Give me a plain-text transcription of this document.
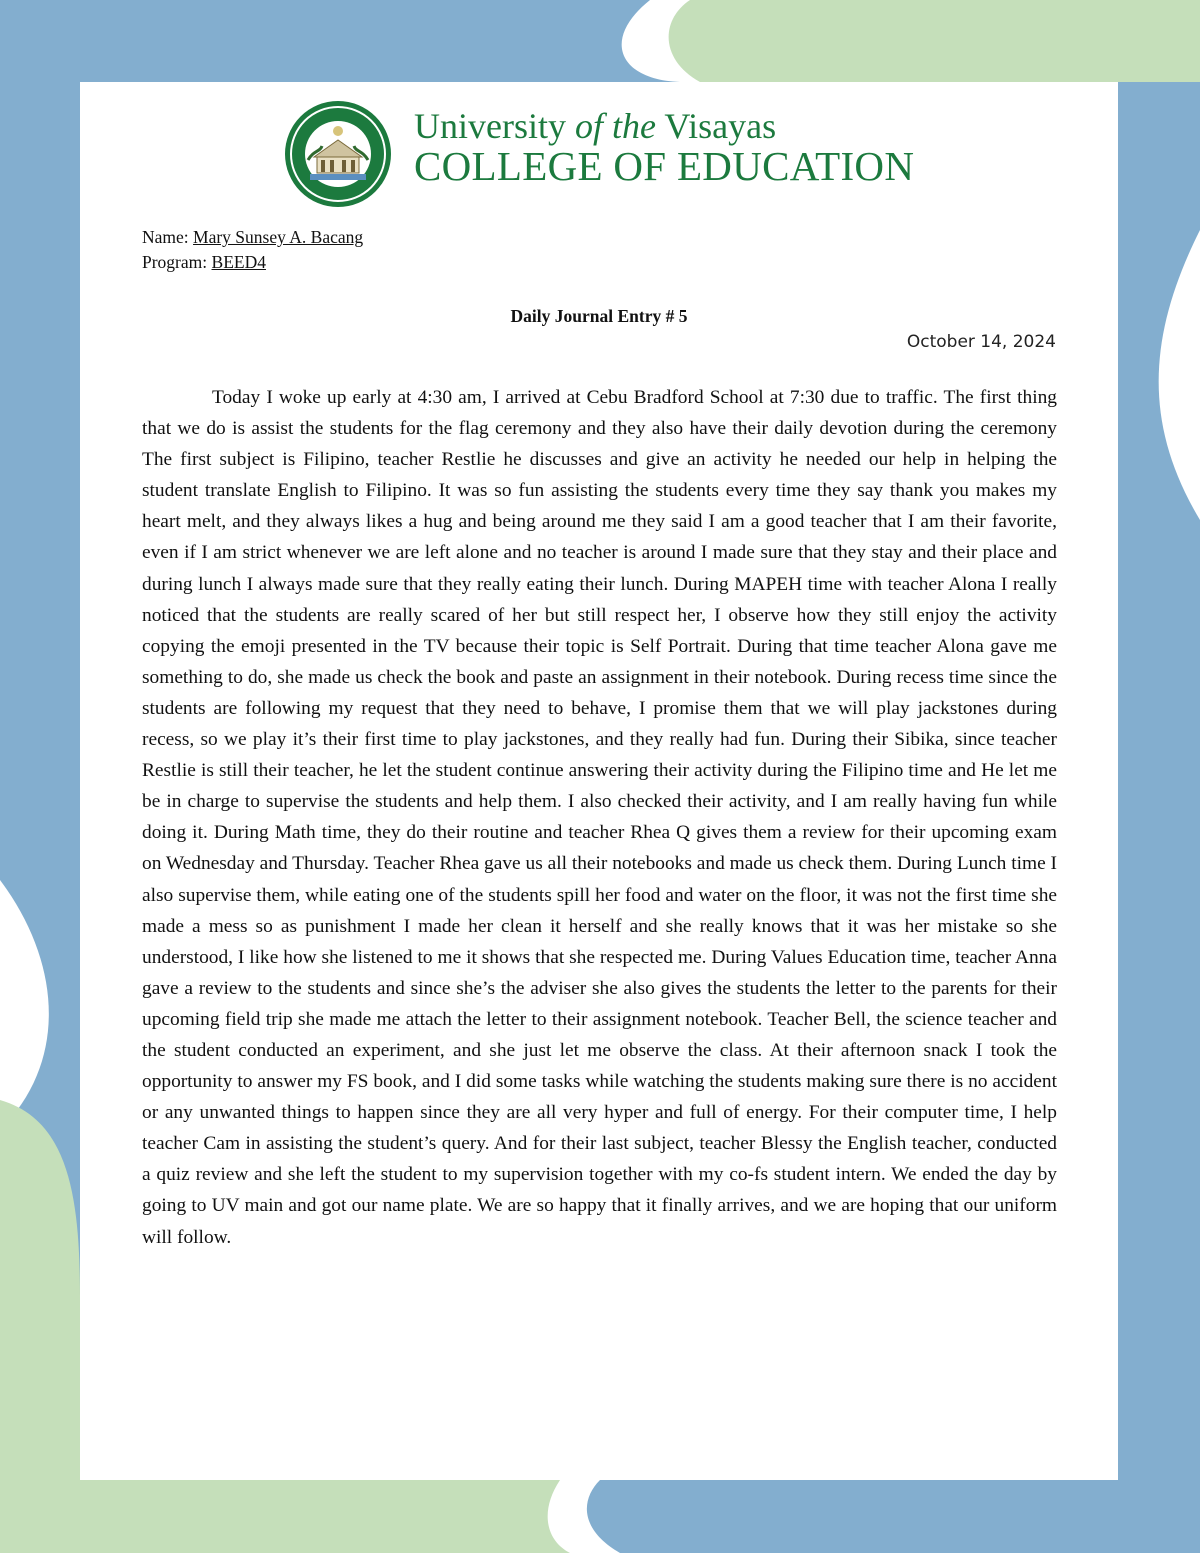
University of the Visayas
COLLEGE OF EDUCATION
Name: Mary Sunsey A. Bacang
Program: BEED4
Daily Journal Entry # 5
October 14, 2024

Today I woke up early at 4:30 am, I arrived at Cebu Bradford School at 7:30 due to traffic. The first thing that we do is assist the students for the flag ceremony and they also have their daily devotion during the ceremony The first subject is Filipino, teacher Restlie he discusses and give an activity he needed our help in helping the student translate English to Filipino. It was so fun assisting the students every time they say thank you makes my heart melt, and they always likes a hug and being around me they said I am a good teacher that I am their favorite, even if I am strict whenever we are left alone and no teacher is around I made sure that they stay and their place and during lunch I always made sure that they really eating their lunch. During MAPEH time with teacher Alona I really noticed that the students are really scared of her but still respect her, I observe how they still enjoy the activity copying the emoji presented in the TV because their topic is Self Portrait. During that time teacher Alona gave me something to do, she made us check the book and paste an assignment in their notebook. During recess time since the students are following my request that they need to behave, I promise them that we will play jackstones during recess, so we play it’s their first time to play jackstones, and they really had fun. During their Sibika, since teacher Restlie is still their teacher, he let the student continue answering their activity during the Filipino time and He let me be in charge to supervise the students and help them. I also checked their activity, and I am really having fun while doing it. During Math time, they do their routine and teacher Rhea Q gives them a review for their upcoming exam on Wednesday and Thursday. Teacher Rhea gave us all their notebooks and made us check them. During Lunch time I also supervise them, while eating one of the students spill her food and water on the floor, it was not the first time she made a mess so as punishment I made her clean it herself and she really knows that it was her mistake so she understood, I like how she listened to me it shows that she respected me. During Values Education time, teacher Anna gave a review to the students and since she’s the adviser she also gives the students the letter to the parents for their upcoming field trip she made me attach the letter to their assignment notebook. Teacher Bell, the science teacher and the student conducted an experiment, and she just let me observe the class. At their afternoon snack I took the opportunity to answer my FS book, and I did some tasks while watching the students making sure there is no accident or any unwanted things to happen since they are all very hyper and full of energy. For their computer time, I help teacher Cam in assisting the student’s query. And for their last subject, teacher Blessy the English teacher, conducted a quiz review and she left the student to my supervision together with my co-fs student intern. We ended the day by going to UV main and got our name plate. We are so happy that it finally arrives, and we are hoping that our uniform will follow.
